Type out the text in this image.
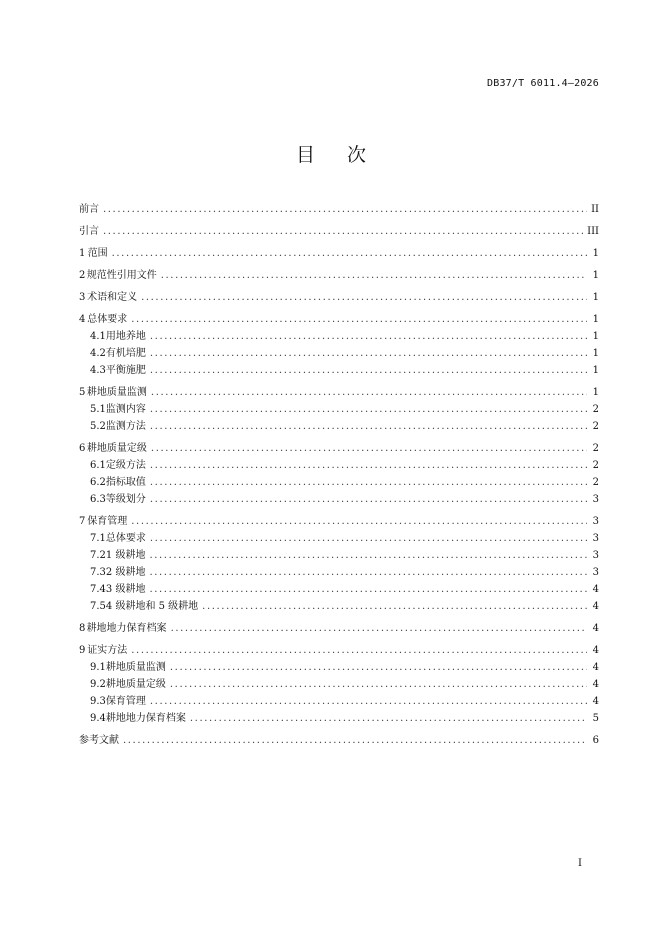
DB37/T 6011.4—2026
目 次
前言 .....	II
引言 .....	III
1 范围 .....	1
2 规范性引用文件 .....	1
3 术语和定义 .....	1
4 总体要求 .....	1
4.1 用地养地 .....	1
4.2 有机培肥 .....	1
4.3 平衡施肥 .....	1
5 耕地质量监测 .....	1
5.1 监测内容 .....	2
5.2 监测方法 .....	2
6 耕地质量定级 .....	2
6.1 定级方法 .....	2
6.2 指标取值 .....	2
6.3 等级划分 .....	3
7 保育管理 .....	3
7.1 总体要求 .....	3
7.2 1 级耕地 .....	3
7.3 2 级耕地 .....	3
7.4 3 级耕地 .....	4
7.5 4 级耕地和 5 级耕地 .....	4
8 耕地地力保育档案 .....	4
9 证实方法 .....	4
9.1 耕地质量监测 .....	4
9.2 耕地质量定级 .....	4
9.3 保育管理 .....	4
9.4 耕地地力保育档案 .....	5
参考文献 .....	6
I
